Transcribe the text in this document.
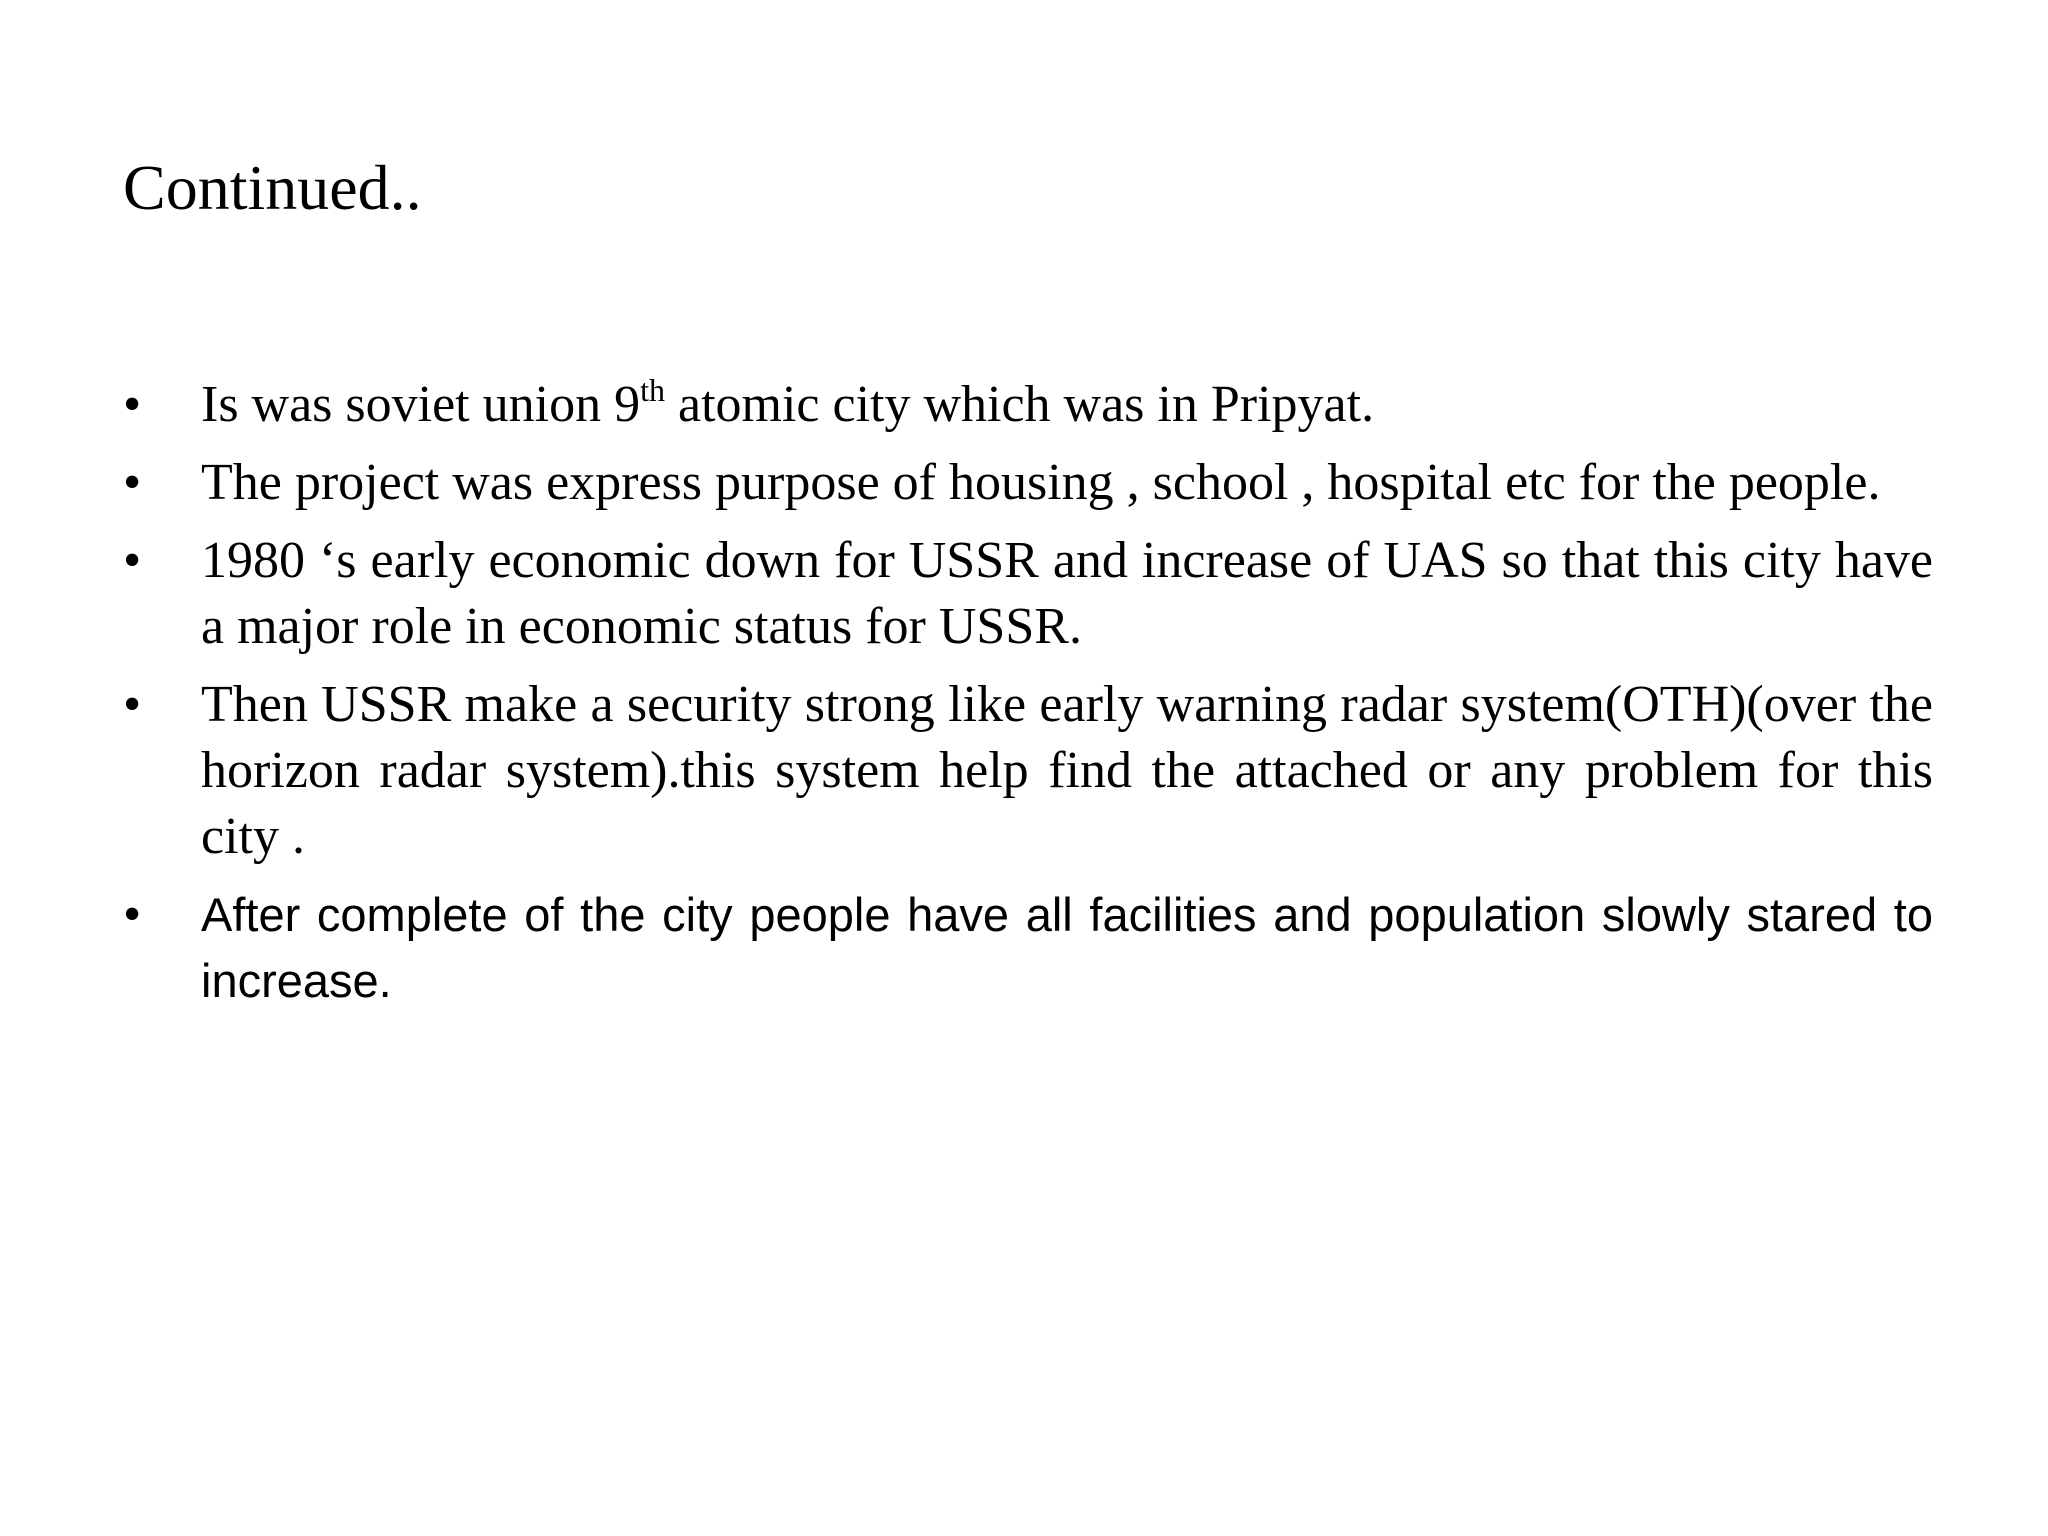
Continued..
•	Is was soviet union 9th atomic city which was in Pripyat.
•	The project was express purpose of housing , school , hospital etc for the people.
•	1980 ‘s early economic down for USSR and increase of UAS so that this city have a major role in economic status for USSR.
•	Then USSR make a security strong like early warning radar system(OTH)(over the horizon radar system).this system help find the attached or any problem for this city .
•	After complete of the city people have all facilities and population slowly stared to increase.
